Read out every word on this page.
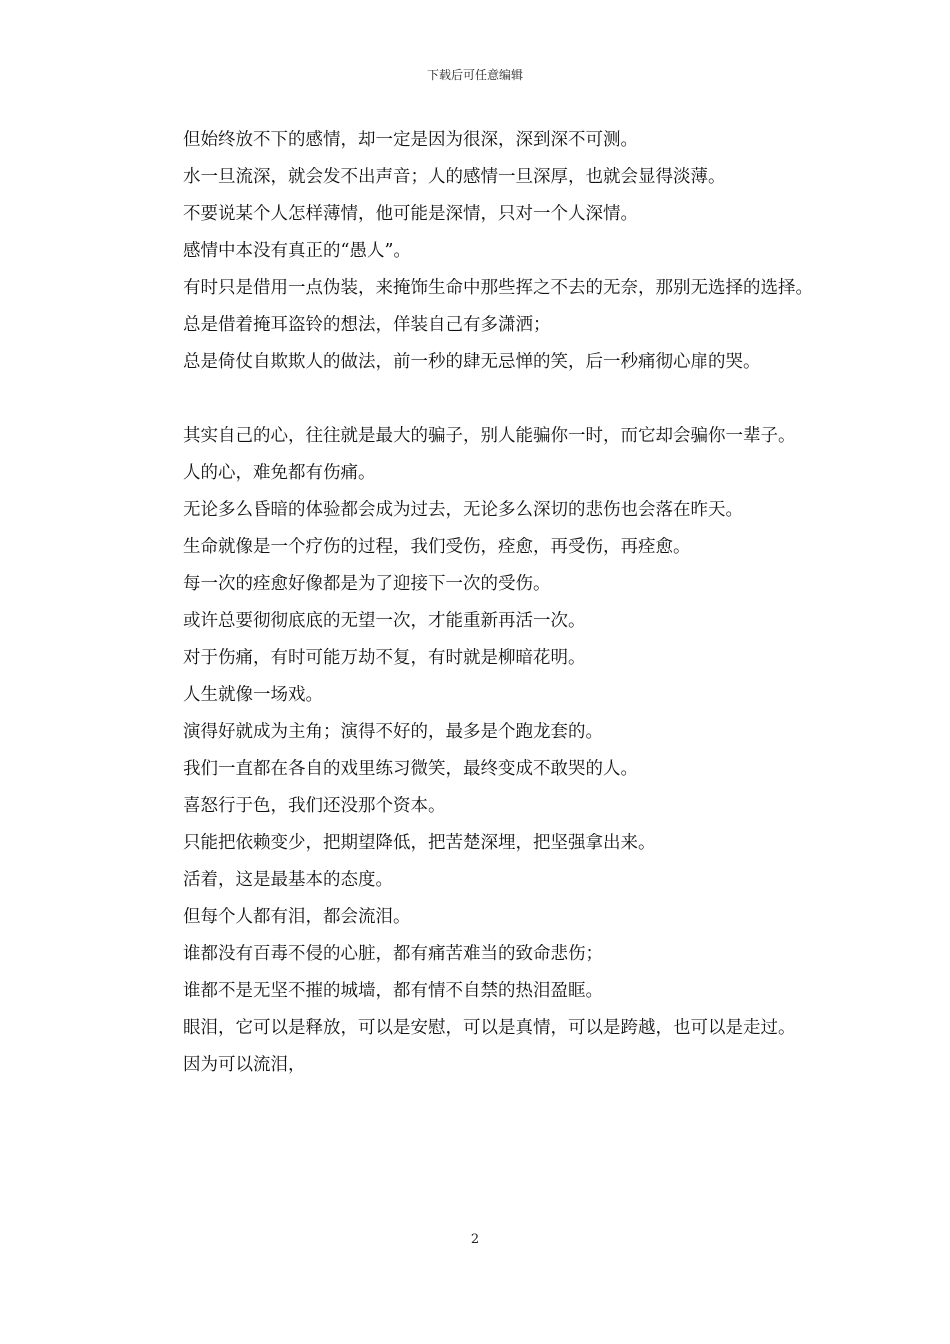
下载后可任意编辑

但始终放不下的感情，却一定是因为很深，深到深不可测。

水一旦流深，就会发不出声音；人的感情一旦深厚，也就会显得淡薄。

不要说某个人怎样薄情，他可能是深情，只对一个人深情。

感情中本没有真正的“愚人”。

有时只是借用一点伪装，来掩饰生命中那些挥之不去的无奈，那别无选择的选择。

总是借着掩耳盗铃的想法，佯装自己有多潇洒；

总是倚仗自欺欺人的做法，前一秒的肆无忌惮的笑，后一秒痛彻心扉的哭。

其实自己的心，往往就是最大的骗子，别人能骗你一时，而它却会骗你一辈子。

人的心，难免都有伤痛。

无论多么昏暗的体验都会成为过去，无论多么深切的悲伤也会落在昨天。

生命就像是一个疗伤的过程，我们受伤，痊愈，再受伤，再痊愈。

每一次的痊愈好像都是为了迎接下一次的受伤。

或许总要彻彻底底的无望一次，才能重新再活一次。

对于伤痛，有时可能万劫不复，有时就是柳暗花明。

人生就像一场戏。

演得好就成为主角；演得不好的，最多是个跑龙套的。

我们一直都在各自的戏里练习微笑，最终变成不敢哭的人。

喜怒行于色，我们还没那个资本。

只能把依赖变少，把期望降低，把苦楚深埋，把坚强拿出来。

活着，这是最基本的态度。

但每个人都有泪，都会流泪。

谁都没有百毒不侵的心脏，都有痛苦难当的致命悲伤；

谁都不是无坚不摧的城墙，都有情不自禁的热泪盈眶。

眼泪，它可以是释放，可以是安慰，可以是真情，可以是跨越，也可以是走过。

因为可以流泪，

2
